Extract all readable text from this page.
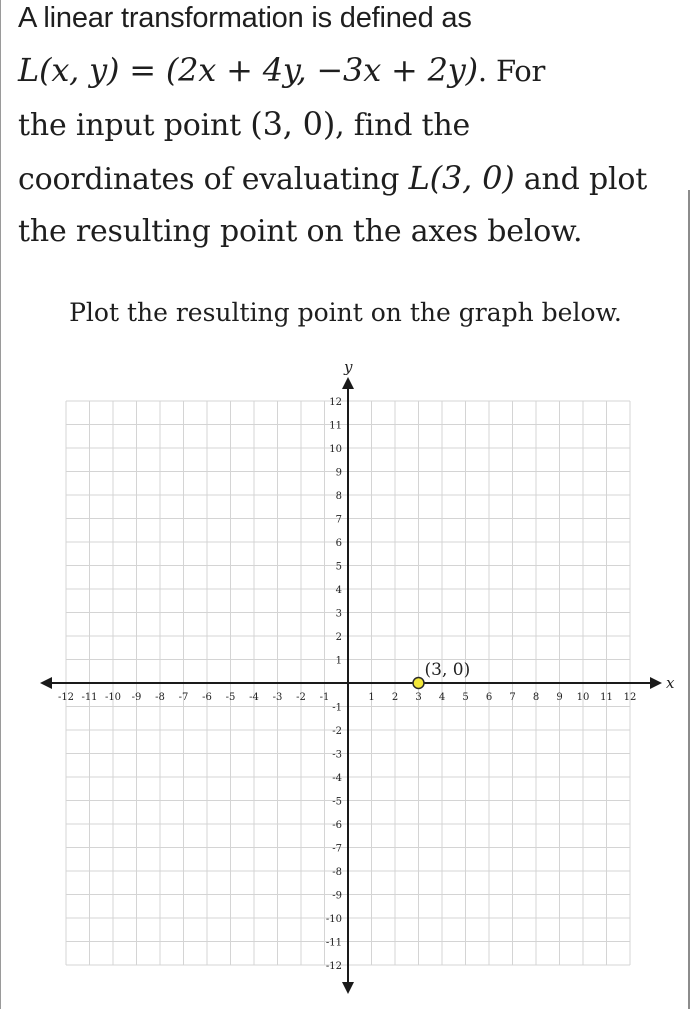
A linear transformation is defined as
L(x, y) = (2x + 4y, −3x + 2y). For
the input point (3, 0), find the
coordinates of evaluating L(3, 0) and plot
the resulting point on the axes below.
Plot the resulting point on the graph below.
x
y
-12 -11 -10 -9 -8 -7 -6 -5 -4 -3 -2 -1	1 2 3 4 5 6 7 8 9 10 11 12
-12
-11
-10
-9
-8
-7
-6
-5
-4
-3
-2
-1
1
2
3
4
5
6
7
8
9
10
11
12
(3, 0)
